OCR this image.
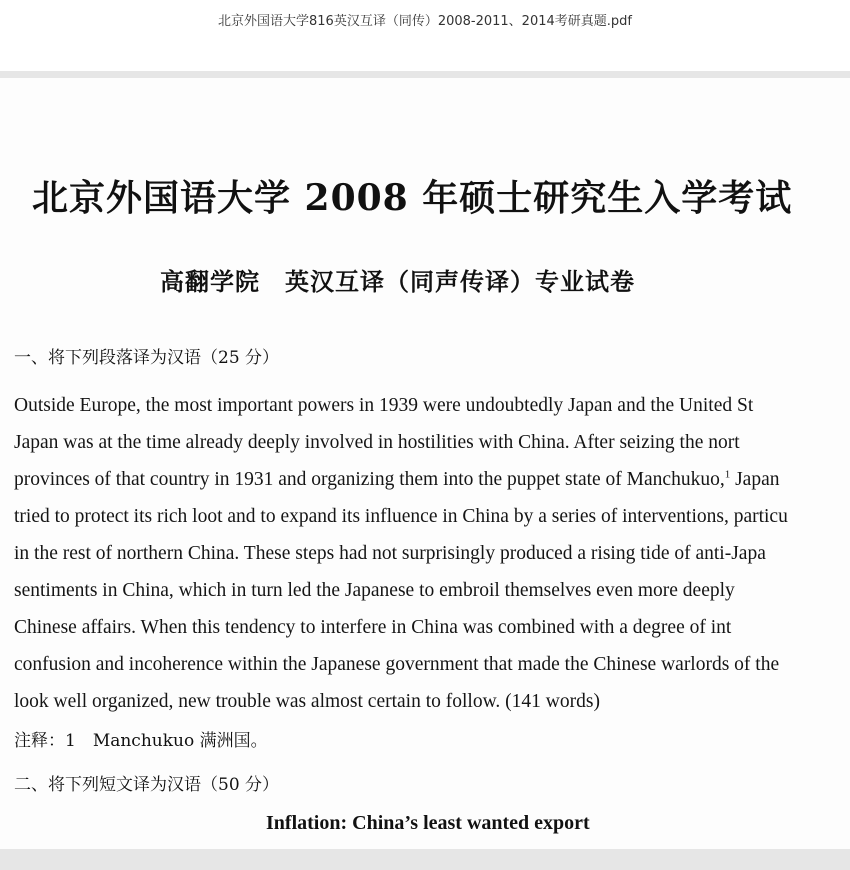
北京外国语大学816英汉互译（同传）2008-2011、2014考研真题.pdf
北京外国语大学 2008 年硕士研究生入学考试
高翻学院　英汉互译（同声传译）专业试卷
一、将下列段落译为汉语（25 分）
Outside Europe, the most important powers in 1939 were undoubtedly Japan and the United St
Japan was at the time already deeply involved in hostilities with China. After seizing the nort
provinces of that country in 1931 and organizing them into the puppet state of Manchukuo,$^1$ Japan
tried to protect its rich loot and to expand its influence in China by a series of interventions, particu
in the rest of northern China. These steps had not surprisingly produced a rising tide of anti-Japa
sentiments in China, which in turn led the Japanese to embroil themselves even more deeply
Chinese affairs. When this tendency to interfere in China was combined with a degree of int
confusion and incoherence within the Japanese government that made the Chinese warlords of the
look well organized, new trouble was almost certain to follow. (141 words)
注释：1　Manchukuo 满洲国。
二、将下列短文译为汉语（50 分）
Inflation: China’s least wanted export
